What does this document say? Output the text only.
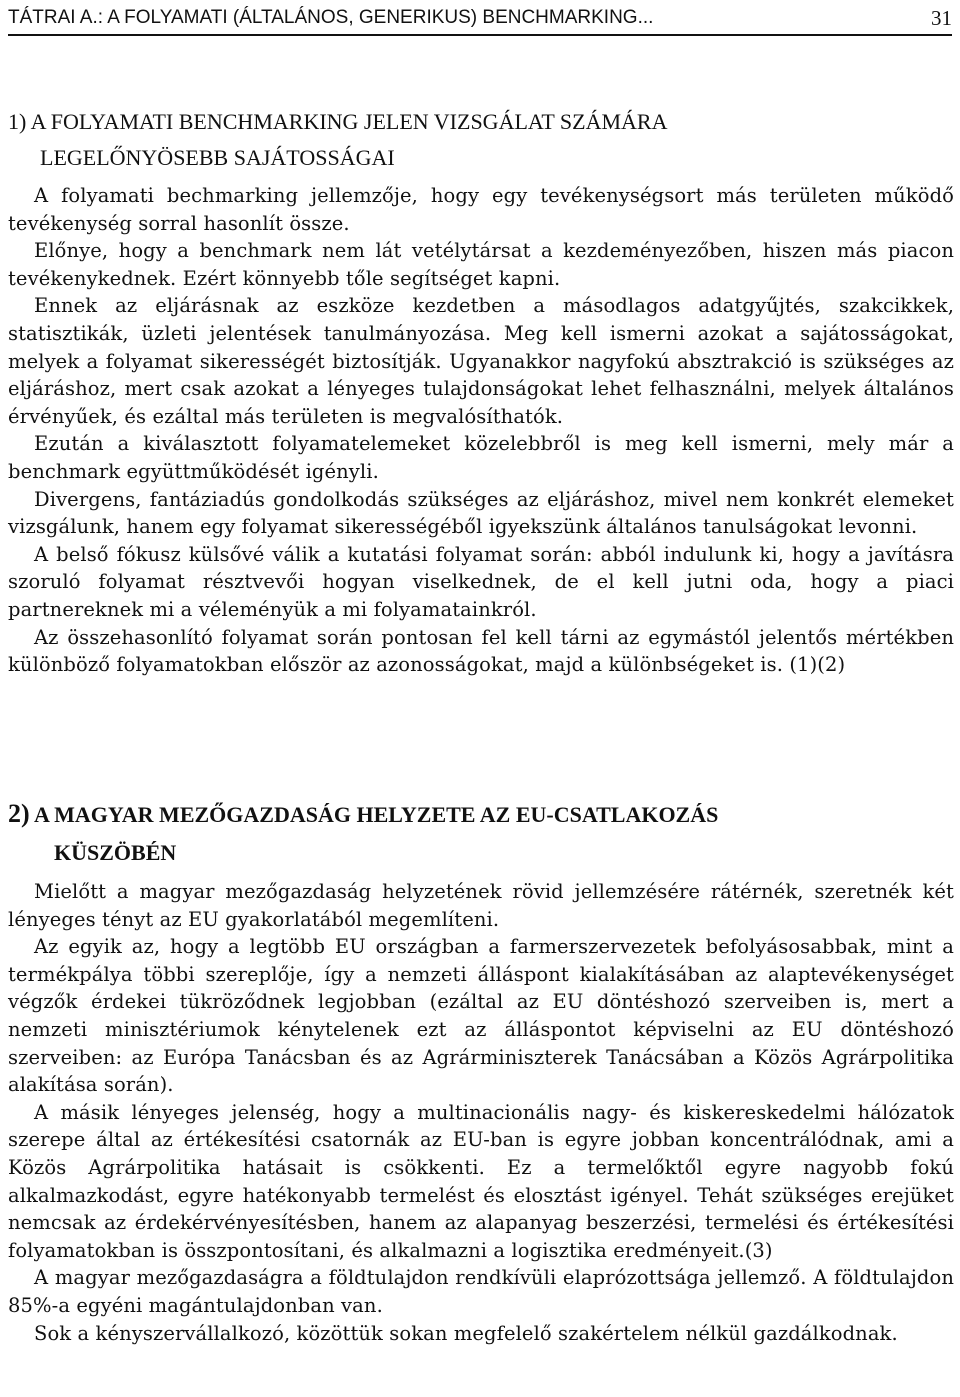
TÁTRAI A.: A FOLYAMATI (ÁLTALÁNOS, GENERIKUS) BENCHMARKING...	31
1) A FOLYAMATI BENCHMARKING JELEN VIZSGÁLAT SZÁMÁRA
LEGELŐNYÖSEBB SAJÁTOSSÁGAI

A folyamati bechmarking jellemzője, hogy egy tevékenységsort más területen működő tevékenység sorral hasonlít össze.

Előnye, hogy a benchmark nem lát vetélytársat a kezdeményezőben, hiszen más piacon tevékenykednek. Ezért könnyebb tőle segítséget kapni.

Ennek az eljárásnak az eszköze kezdetben a másodlagos adatgyűjtés, szakcikkek, statisztikák, üzleti jelentések tanulmányozása. Meg kell ismerni azokat a sajátosságokat, melyek a folyamat sikerességét biztosítják. Ugyanakkor nagyfokú absztrakció is szükséges az eljáráshoz, mert csak azokat a lényeges tulajdonságokat lehet felhasználni, melyek általános érvényűek, és ezáltal más területen is megvalósíthatók.

Ezután a kiválasztott folyamatelemeket közelebbről is meg kell ismerni, mely már a benchmark együttműködését igényli.

Divergens, fantáziadús gondolkodás szükséges az eljáráshoz, mivel nem konkrét elemeket vizsgálunk, hanem egy folyamat sikerességéből igyekszünk általános tanulságokat levonni.

A belső fókusz külsővé válik a kutatási folyamat során: abból indulunk ki, hogy a javításra szoruló folyamat résztvevői hogyan viselkednek, de el kell jutni oda, hogy a piaci partnereknek mi a véleményük a mi folyamatainkról.

Az összehasonlító folyamat során pontosan fel kell tárni az egymástól jelentős mértékben különböző folyamatokban először az azonosságokat, majd a különbségeket is. (1)(2)

2) A MAGYAR MEZŐGAZDASÁG HELYZETE AZ EU-CSATLAKOZÁS
KÜSZÖBÉN

Mielőtt a magyar mezőgazdaság helyzetének rövid jellemzésére rátérnék, szeretnék két lényeges tényt az EU gyakorlatából megemlíteni.

Az egyik az, hogy a legtöbb EU országban a farmerszervezetek befolyásosabbak, mint a termékpálya többi szereplője, így a nemzeti álláspont kialakításában az alaptevékenységet végzők érdekei tükröződnek legjobban (ezáltal az EU döntéshozó szerveiben is, mert a nemzeti minisztériumok kénytelenek ezt az álláspontot képviselni az EU döntéshozó szerveiben: az Európa Tanácsban és az Agrárminiszterek Tanácsában a Közös Agrárpolitika alakítása során).

A másik lényeges jelenség, hogy a multinacionális nagy- és kiskereskedelmi hálózatok szerepe által az értékesítési csatornák az EU-ban is egyre jobban koncentrálódnak, ami a Közös Agrárpolitika hatásait is csökkenti. Ez a termelőktől egyre nagyobb fokú alkalmazkodást, egyre hatékonyabb termelést és elosztást igényel. Tehát szükséges erejüket nemcsak az érdekérvényesítésben, hanem az alapanyag beszerzési, termelési és értékesítési folyamatokban is összpontosítani, és alkalmazni a logisztika eredményeit.(3)

A magyar mezőgazdaságra a földtulajdon rendkívüli elaprózottsága jellemző. A földtulajdon 85%-a egyéni magántulajdonban van.

Sok a kényszervállalkozó, közöttük sokan megfelelő szakértelem nélkül gazdálkodnak.
